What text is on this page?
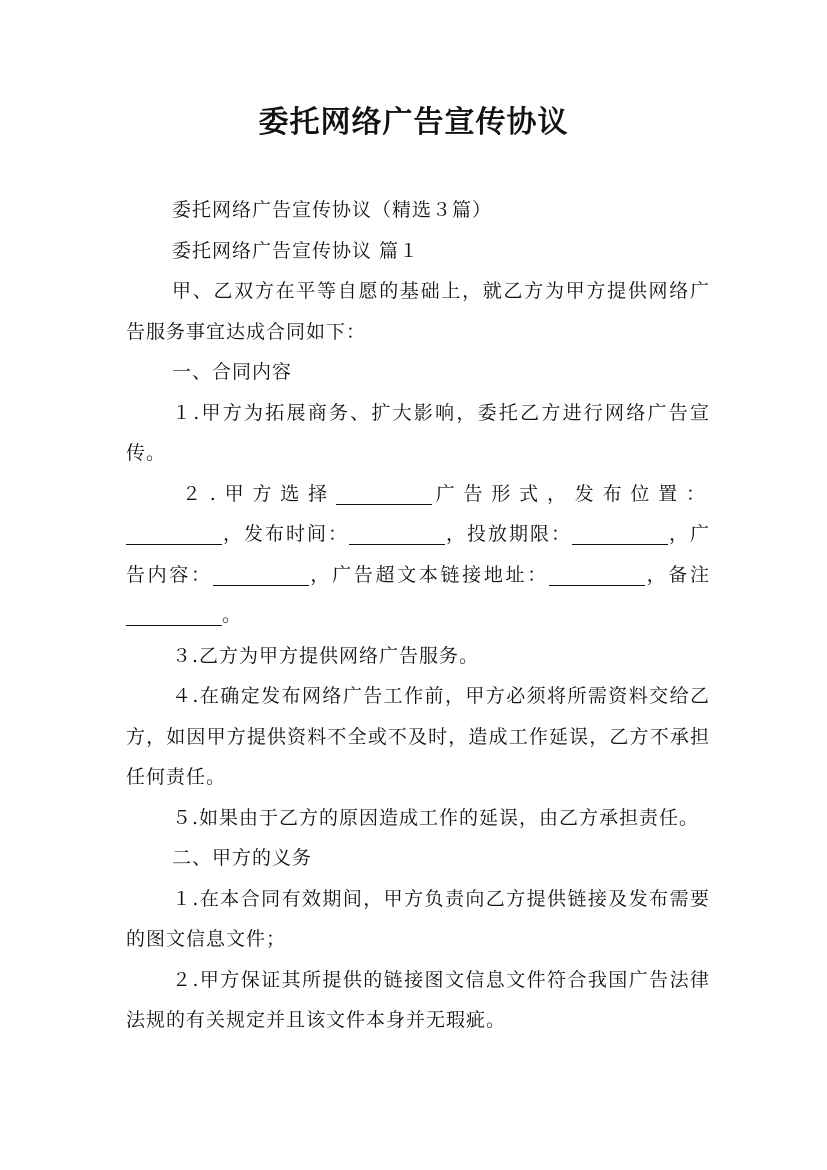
委托网络广告宣传协议

委托网络广告宣传协议（精选３篇）

委托网络广告宣传协议 篇１

甲、乙双方在平等自愿的基础上，就乙方为甲方提供网络广告服务事宜达成合同如下：

一、合同内容

１.甲方为拓展商务、扩大影响，委托乙方进行网络广告宣传。

２.甲方选择	广告形式，发布位置：，发布时间：	，投放期限：	，广告内容：	，广告超文本链接地址：	，备注。

３.乙方为甲方提供网络广告服务。

４.在确定发布网络广告工作前，甲方必须将所需资料交给乙方，如因甲方提供资料不全或不及时，造成工作延误，乙方不承担任何责任。

５.如果由于乙方的原因造成工作的延误，由乙方承担责任。

二、甲方的义务

１.在本合同有效期间，甲方负责向乙方提供链接及发布需要的图文信息文件；

２.甲方保证其所提供的链接图文信息文件符合我国广告法律法规的有关规定并且该文件本身并无瑕疵。
